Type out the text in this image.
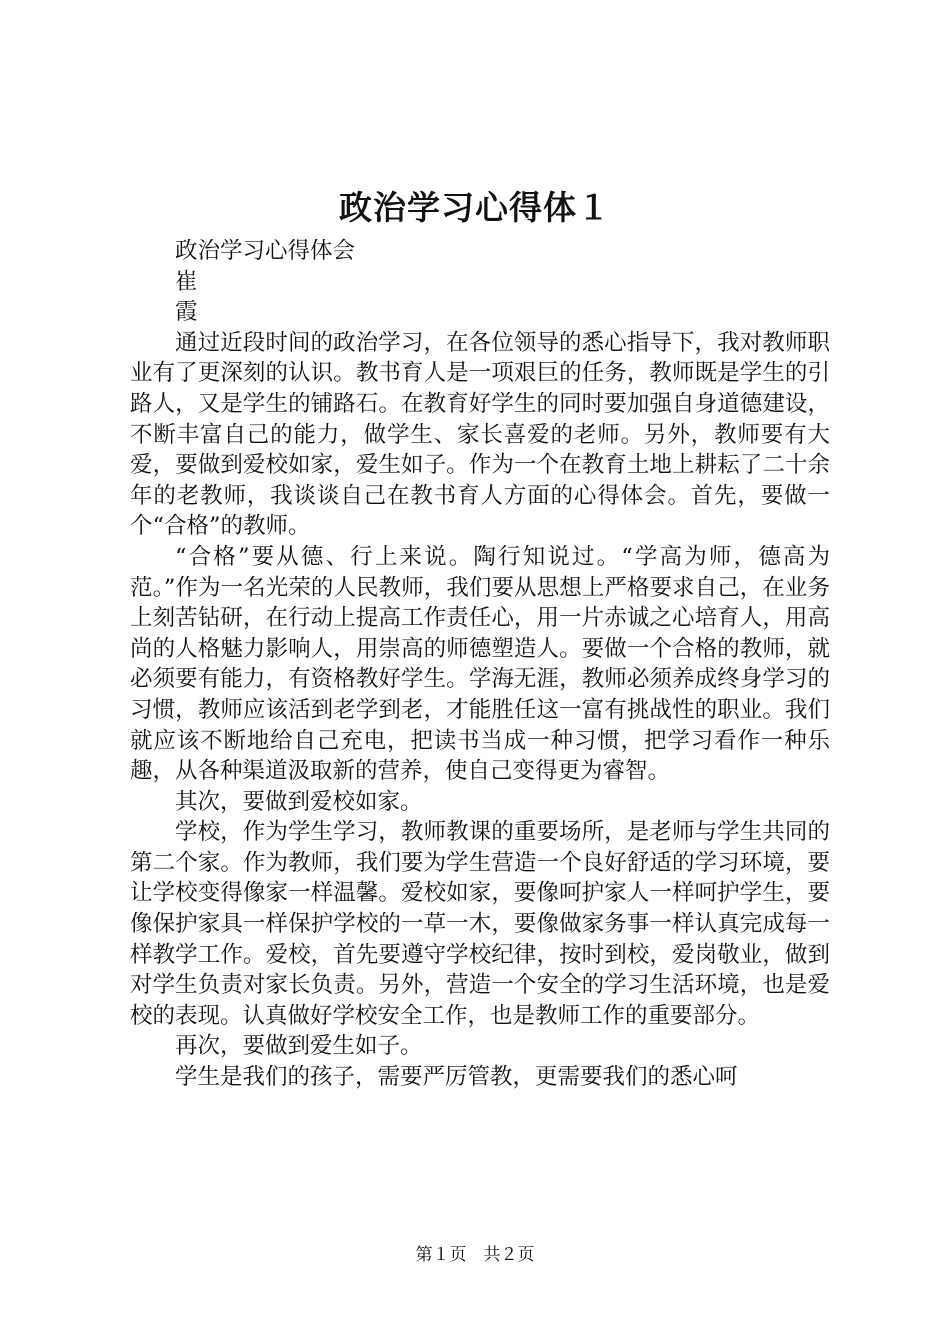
政治学习心得体１

政治学习心得体会

崔

霞

通过近段时间的政治学习，在各位领导的悉心指导下，我对教师职业有了更深刻的认识。教书育人是一项艰巨的任务，教师既是学生的引路人，又是学生的铺路石。在教育好学生的同时要加强自身道德建设，不断丰富自己的能力，做学生、家长喜爱的老师。另外，教师要有大爱，要做到爱校如家，爱生如子。作为一个在教育土地上耕耘了二十余年的老教师，我谈谈自己在教书育人方面的心得体会。首先，要做一个“合格”的教师。

“合格”要从德、行上来说。陶行知说过。“学高为师，德高为范。”作为一名光荣的人民教师，我们要从思想上严格要求自己，在业务上刻苦钻研，在行动上提高工作责任心，用一片赤诚之心培育人，用高尚的人格魅力影响人，用崇高的师德塑造人。要做一个合格的教师，就必须要有能力，有资格教好学生。学海无涯，教师必须养成终身学习的习惯，教师应该活到老学到老，才能胜任这一富有挑战性的职业。我们就应该不断地给自己充电，把读书当成一种习惯，把学习看作一种乐趣，从各种渠道汲取新的营养，使自己变得更为睿智。

其次，要做到爱校如家。

学校，作为学生学习，教师教课的重要场所，是老师与学生共同的第二个家。作为教师，我们要为学生营造一个良好舒适的学习环境，要让学校变得像家一样温馨。爱校如家，要像呵护家人一样呵护学生，要像保护家具一样保护学校的一草一木，要像做家务事一样认真完成每一样教学工作。爱校，首先要遵守学校纪律，按时到校，爱岗敬业，做到对学生负责对家长负责。另外，营造一个安全的学习生活环境，也是爱校的表现。认真做好学校安全工作，也是教师工作的重要部分。

再次，要做到爱生如子。

学生是我们的孩子，需要严厉管教，更需要我们的悉心呵

第１页　共２页
